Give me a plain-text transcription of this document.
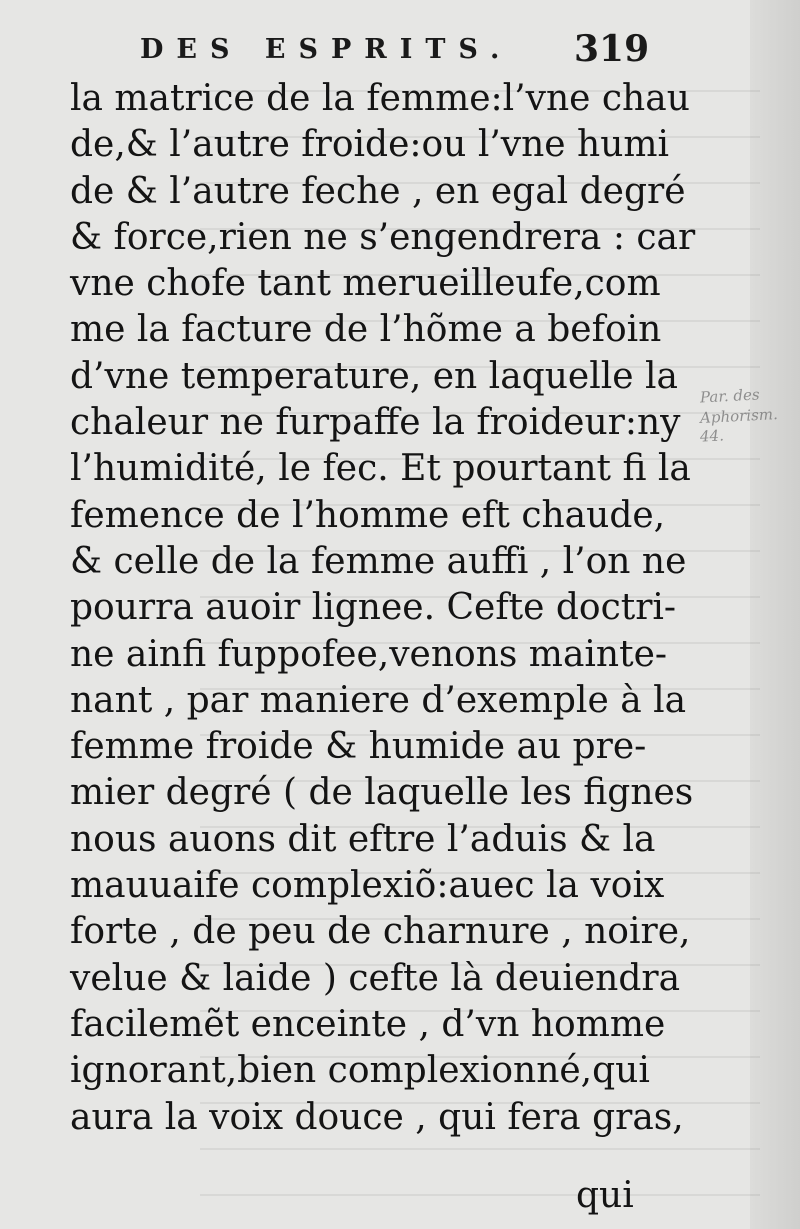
DES ESPRITS.	319
la matrice de la femme:l’vne chau
de,& l’autre froide:ou l’vne humi
de & l’autre feche , en egal degré
& force,rien ne s’engendrera : car
vne chofe tant merueilleufe,com
me la facture de l’hõme a befoin
d’vne temperature, en laquelle la
chaleur ne furpaffe la froideur:ny
l’humidité, le fec. Et pourtant fi la
femence de l’homme eft chaude,
& celle de la femme auffi , l’on ne
pourra auoir lignee. Cefte doctri-
ne ainfi fuppofee,venons mainte-
nant , par maniere d’exemple à la
femme froide & humide au pre-
mier degré ( de laquelle les fignes
nous auons dit eftre l’aduis & la
mauuaife complexiõ:auec la voix
forte , de peu de charnure , noire,
velue & laide ) cefte là deuiendra
facilemẽt enceinte , d’vn homme
ignorant,bien complexionné,qui
aura la voix douce , qui fera gras,
qui
Par. des
Aphorism.
44.
